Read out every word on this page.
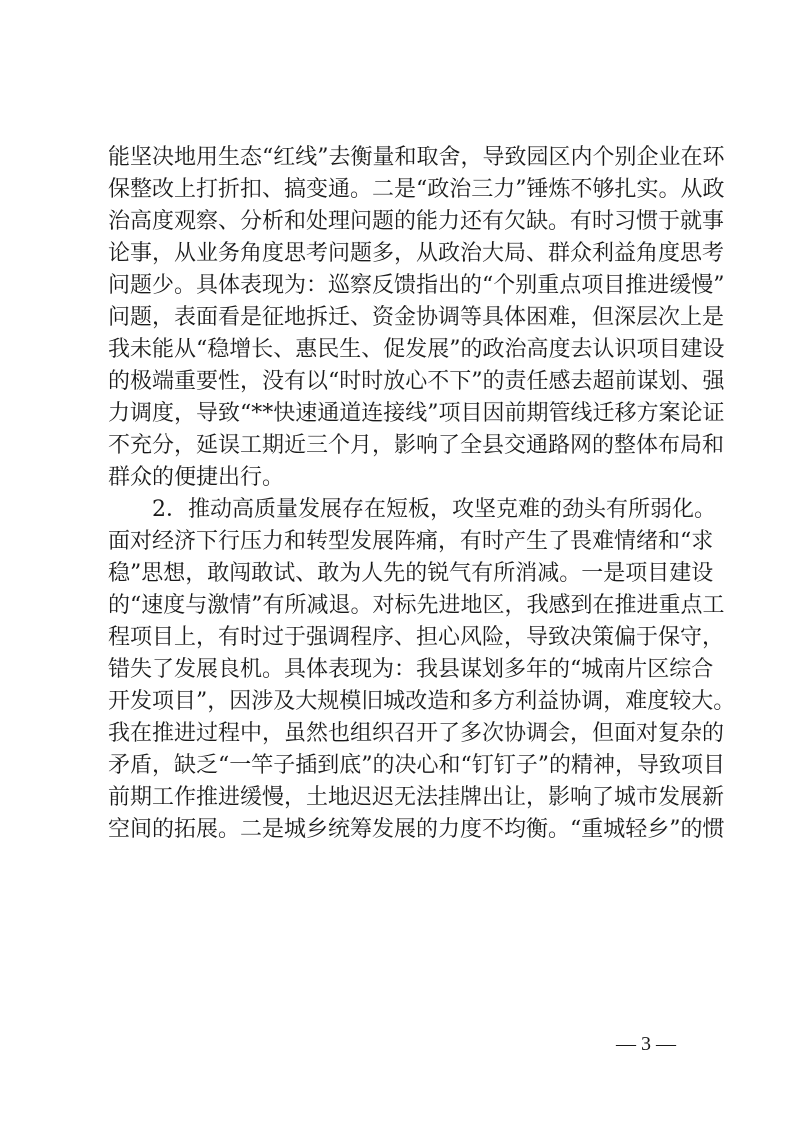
能坚决地用生态“红线”去衡量和取舍，导致园区内个别企业在环
保整改上打折扣、搞变通。二是“政治三力”锤炼不够扎实。从政
治高度观察、分析和处理问题的能力还有欠缺。有时习惯于就事
论事，从业务角度思考问题多，从政治大局、群众利益角度思考
问题少。具体表现为：巡察反馈指出的“个别重点项目推进缓慢”
问题，表面看是征地拆迁、资金协调等具体困难，但深层次上是
我未能从“稳增长、惠民生、促发展”的政治高度去认识项目建设
的极端重要性，没有以“时时放心不下”的责任感去超前谋划、强
力调度，导致“**快速通道连接线”项目因前期管线迁移方案论证
不充分，延误工期近三个月，影响了全县交通路网的整体布局和
群众的便捷出行。
2．推动高质量发展存在短板，攻坚克难的劲头有所弱化。
面对经济下行压力和转型发展阵痛，有时产生了畏难情绪和“求
稳”思想，敢闯敢试、敢为人先的锐气有所消减。一是项目建设
的“速度与激情”有所减退。对标先进地区，我感到在推进重点工
程项目上，有时过于强调程序、担心风险，导致决策偏于保守，
错失了发展良机。具体表现为：我县谋划多年的“城南片区综合
开发项目”，因涉及大规模旧城改造和多方利益协调，难度较大。
我在推进过程中，虽然也组织召开了多次协调会，但面对复杂的
矛盾，缺乏“一竿子插到底”的决心和“钉钉子”的精神，导致项目
前期工作推进缓慢，土地迟迟无法挂牌出让，影响了城市发展新
空间的拓展。二是城乡统筹发展的力度不均衡。“重城轻乡”的惯
— 3 —
